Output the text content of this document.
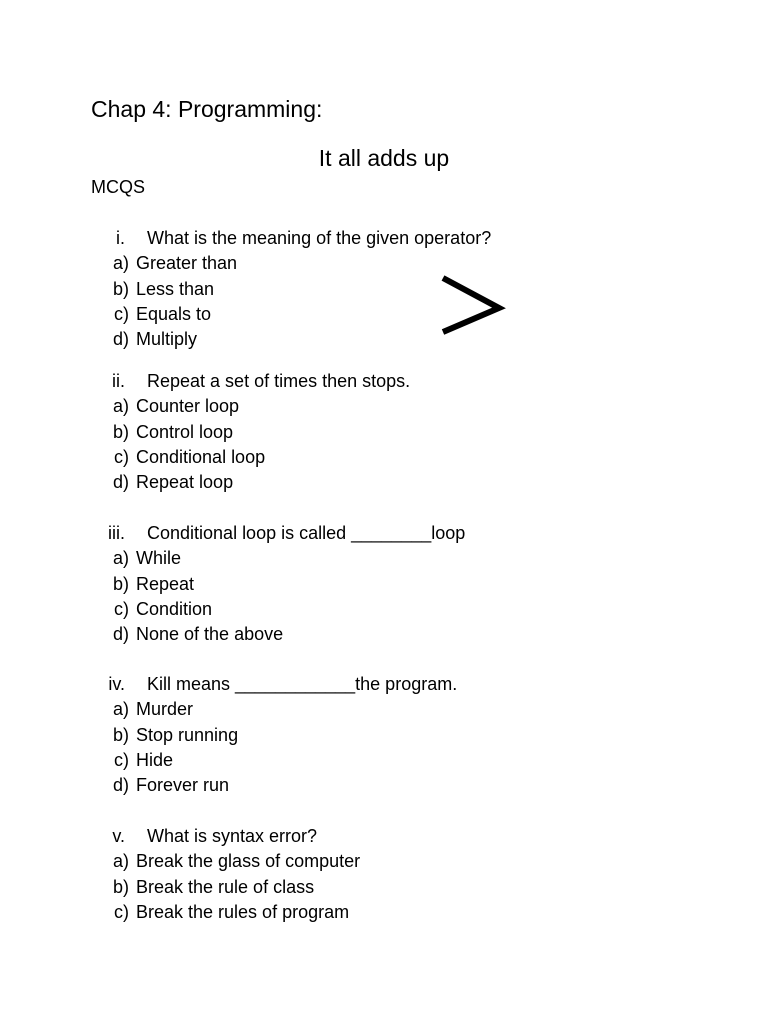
Chap 4: Programming:
It all adds up
MCQS
i. What is the meaning of the given operator?
a) Greater than
b) Less than
c) Equals to
d) Multiply
ii. Repeat a set of times then stops.
a) Counter loop
b) Control loop
c) Conditional loop
d) Repeat loop
iii. Conditional loop is called ________loop
a) While
b) Repeat
c) Condition
d) None of the above
iv. Kill means ____________the program.
a) Murder
b) Stop running
c) Hide
d) Forever run
v. What is syntax error?
a) Break the glass of computer
b) Break the rule of class
c) Break the rules of program
